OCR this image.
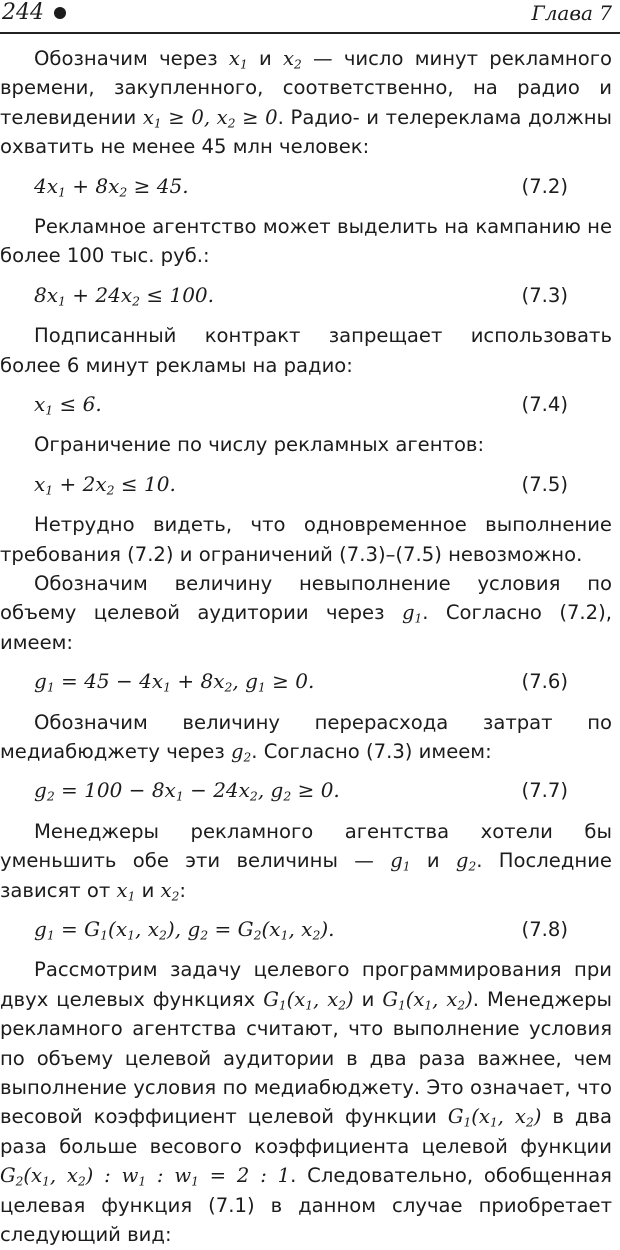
244	Глава 7

Обозначим через $x_1$ и $x_2$ — число минут рекламного времени, закупленного, соответственно, на радио и телевидении $x_1 \ge 0$, $x_2 \ge 0$. Радио- и телереклама должны охватить не менее 45 млн человек:

$4x_1 + 8x_2 \ge 45$.	(7.2)

Рекламное агентство может выделить на кампанию не более 100 тыс. руб.:

$8x_1 + 24x_2 \le 100$.	(7.3)

Подписанный контракт запрещает использовать более 6 минут рекламы на радио:

$x_1 \le 6$.	(7.4)

Ограничение по числу рекламных агентов:

$x_1 + 2x_2 \le 10$.	(7.5)

Нетрудно видеть, что одновременное выполнение требования (7.2) и ограничений (7.3)–(7.5) невозможно.

Обозначим величину невыполнение условия по объему целевой аудитории через $g_1$. Согласно (7.2), имеем:

$g_1 = 45 - 4x_1 + 8x_2$, $g_1 \ge 0$.	(7.6)

Обозначим величину перерасхода затрат по медиабюджету через $g_2$. Согласно (7.3) имеем:

$g_2 = 100 - 8x_1 - 24x_2$, $g_2 \ge 0$.	(7.7)

Менеджеры рекламного агентства хотели бы уменьшить обе эти величины — $g_1$ и $g_2$. Последние зависят от $x_1$ и $x_2$:

$g_1 = G_1(x_1$, $x_2$), $g_2 = G_2(x_1$, $x_2$).	(7.8)

Рассмотрим задачу целевого программирования при двух целевых функциях $G_1(x_1$, $x_2$) и $G_1(x_1$, $x_2$). Менеджеры рекламного агентства считают, что выполнение условия по объему целевой аудитории в два раза важнее, чем выполнение условия по медиабюджету. Это означает, что весовой коэффициент целевой функции $G_1(x_1$, $x_2$) в два раза больше весового коэффициента целевой функции $G_2(x_1$, $x_2$) : $w_1$ : $w_1 = 2$ : 1. Следовательно, обобщенная целевая функция (7.1) в данном случае приобретает следующий вид:
